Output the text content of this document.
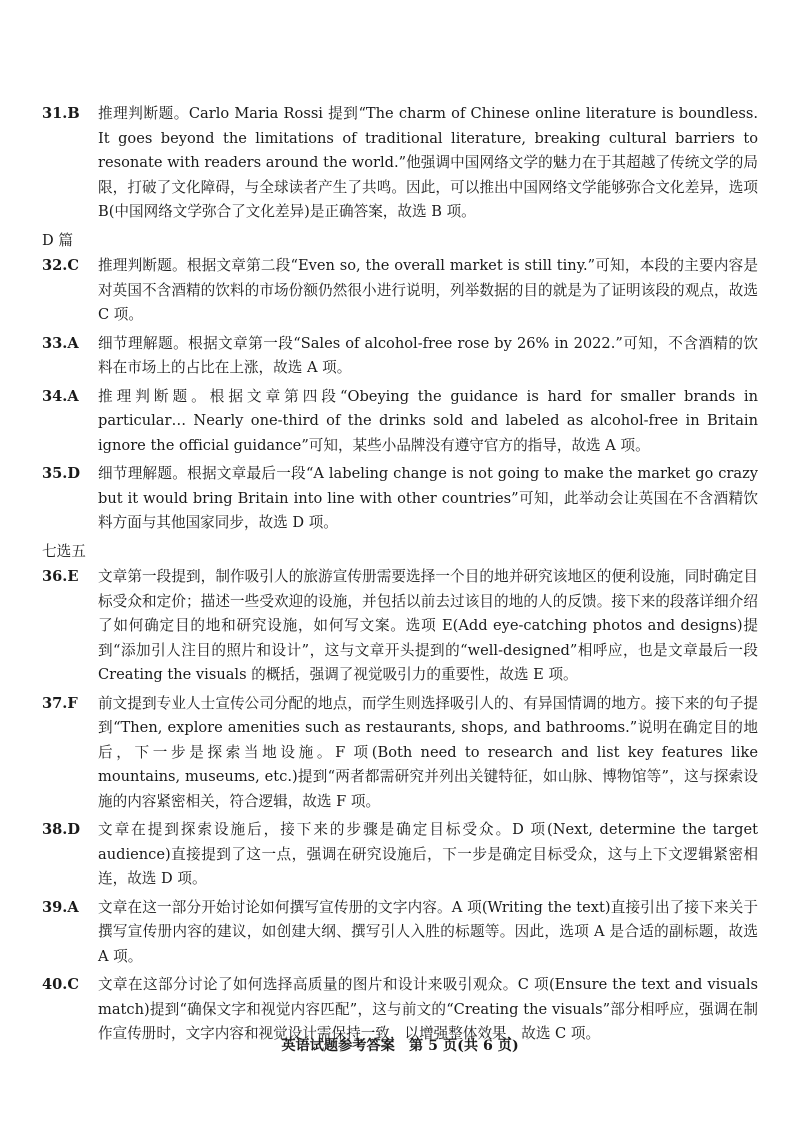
31.B	推理判断题。Carlo Maria Rossi 提到“The charm of Chinese online literature is boundless. It goes beyond the limitations of traditional literature, breaking cultural barriers to resonate with readers around the world.”他强调中国网络文学的魅力在于其超越了传统文学的局限，打破了文化障碍，与全球读者产生了共鸣。因此，可以推出中国网络文学能够弥合文化差异，选项 B(中国网络文学弥合了文化差异)是正确答案，故选 B 项。
D 篇
32.C	推理判断题。根据文章第二段“Even so, the overall market is still tiny.”可知，本段的主要内容是对英国不含酒精的饮料的市场份额仍然很小进行说明，列举数据的目的就是为了证明该段的观点，故选 C 项。
33.A	细节理解题。根据文章第一段“Sales of alcohol-free rose by 26% in 2022.”可知，不含酒精的饮料在市场上的占比在上涨，故选 A 项。
34.A	推理判断题。根据文章第四段“Obeying the guidance is hard for smaller brands in particular… Nearly one-third of the drinks sold and labeled as alcohol-free in Britain ignore the official guidance”可知，某些小品牌没有遵守官方的指导，故选 A 项。
35.D	细节理解题。根据文章最后一段“A labeling change is not going to make the market go crazy but it would bring Britain into line with other countries”可知，此举动会让英国在不含酒精饮料方面与其他国家同步，故选 D 项。
七选五
36.E	文章第一段提到，制作吸引人的旅游宣传册需要选择一个目的地并研究该地区的便利设施，同时确定目标受众和定价；描述一些受欢迎的设施，并包括以前去过该目的地的人的反馈。接下来的段落详细介绍了如何确定目的地和研究设施，如何写文案。选项 E(Add eye-catching photos and designs)提到“添加引人注目的照片和设计”，这与文章开头提到的“well-designed”相呼应，也是文章最后一段 Creating the visuals 的概括，强调了视觉吸引力的重要性，故选 E 项。
37.F	前文提到专业人士宣传公司分配的地点，而学生则选择吸引人的、有异国情调的地方。接下来的句子提到“Then, explore amenities such as restaurants, shops, and bathrooms.”说明在确定目的地后，下一步是探索当地设施。F 项(Both need to research and list key features like mountains, museums, etc.)提到“两者都需研究并列出关键特征，如山脉、博物馆等”，这与探索设施的内容紧密相关，符合逻辑，故选 F 项。
38.D	文章在提到探索设施后，接下来的步骤是确定目标受众。D 项(Next, determine the target audience)直接提到了这一点，强调在研究设施后，下一步是确定目标受众，这与上下文逻辑紧密相连，故选 D 项。
39.A	文章在这一部分开始讨论如何撰写宣传册的文字内容。A 项(Writing the text)直接引出了接下来关于撰写宣传册内容的建议，如创建大纲、撰写引人入胜的标题等。因此，选项 A 是合适的副标题，故选 A 项。
40.C	文章在这部分讨论了如何选择高质量的图片和设计来吸引观众。C 项(Ensure the text and visuals match)提到“确保文字和视觉内容匹配”，这与前文的“Creating the visuals”部分相呼应，强调在制作宣传册时，文字内容和视觉设计需保持一致，以增强整体效果，故选 C 项。
英语试题参考答案　第 5 页(共 6 页)
